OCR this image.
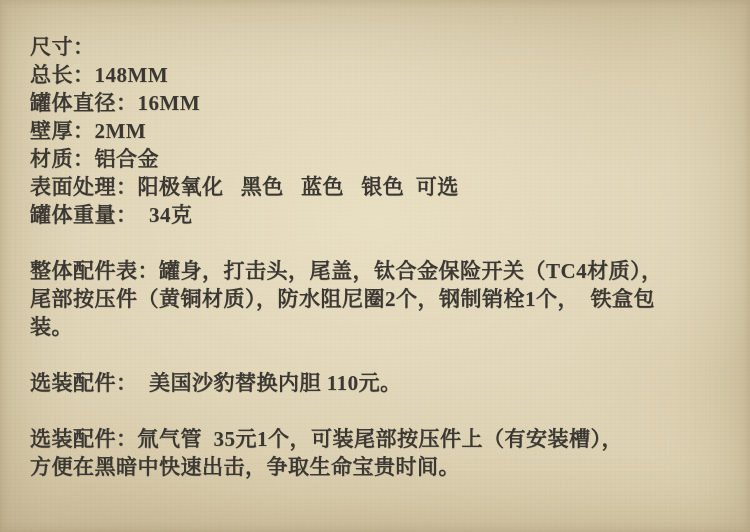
尺寸：
总长：148MM
罐体直径：16MM
壁厚：2MM
材质：铝合金
表面处理：阳极氧化   黑色   蓝色   银色  可选
罐体重量：  34克
整体配件表：罐身，打击头，尾盖，钛合金保险开关（TC4材质），
尾部按压件（黄铜材质），防水阻尼圈2个，钢制销栓1个，  铁盒包
装。
选装配件：  美国沙豹替换内胆 110元。
选装配件：氚气管  35元1个，可装尾部按压件上（有安装槽），
方便在黑暗中快速出击，争取生命宝贵时间。
